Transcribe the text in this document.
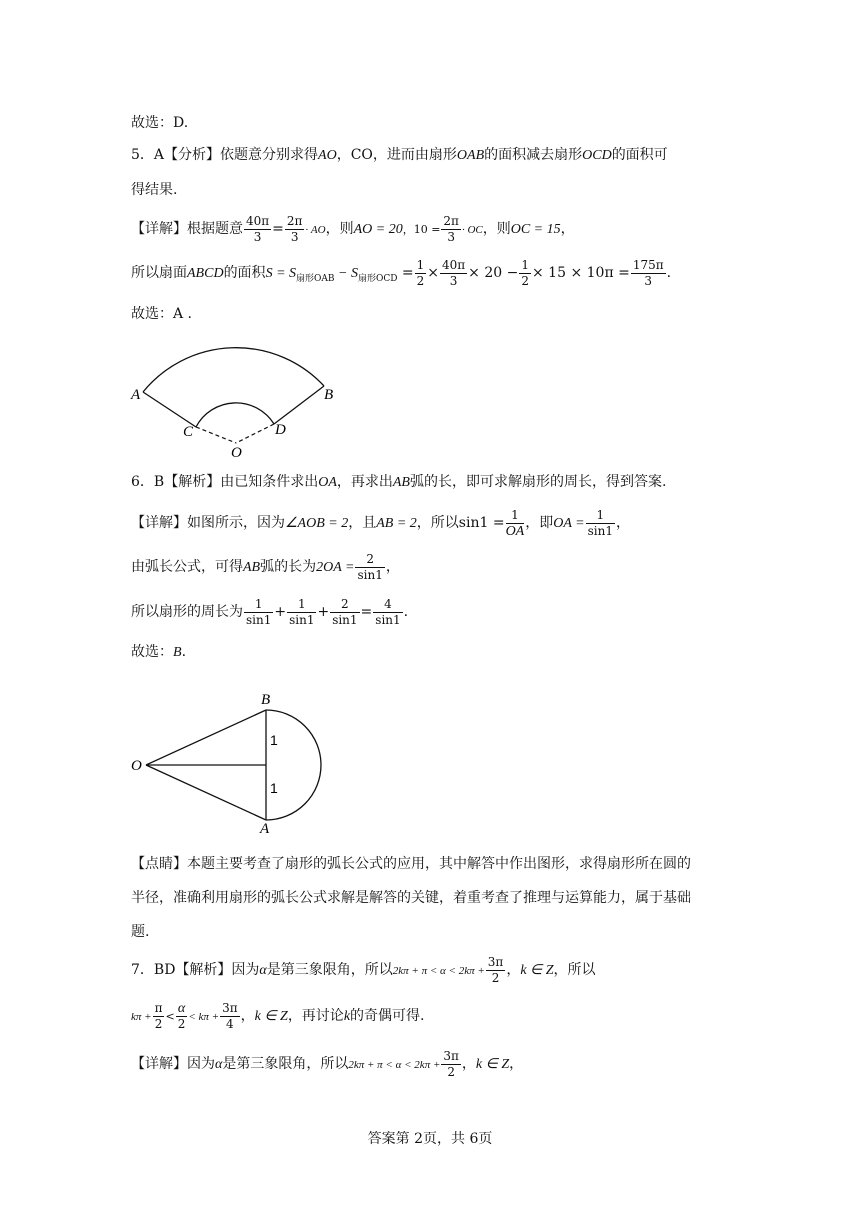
故选：D.
5．A【分析】依题意分别求得AO，CO，进而由扇形OAB的面积减去扇形OCD的面积可
得结果.
【详解】根据题意 $\frac{40\pi}{3} = \frac{2\pi}{3}$ · AO，则AO = 20，$10 = \frac{2\pi}{3}$ · OC，则OC = 15，
所以扇面ABCD的面积$S = S_{扇形OAB} - S_{扇形OCD} = \frac{1}{2} \times \frac{40\pi}{3} \times 20 - \frac{1}{2} \times 15 \times 10\pi = \frac{175\pi}{3}$ .
故选：A .
A	B
C	D
O
6．B【解析】由已知条件求出OA，再求出AB弧的长，即可求解扇形的周长，得到答案.
【详解】如图所示，因为∠AOB = 2，且AB = 2，所以$\sin 1 = \frac{1}{OA}$，即OA = $\frac{1}{\sin 1}$ ，
由弧长公式，可得AB弧的长为$2OA = \frac{2}{\sin 1}$ ，
所以扇形的周长为 $\frac{1}{\sin 1} + \frac{1}{\sin 1} + \frac{2}{\sin 1} = \frac{4}{\sin 1}$ .
故选：B.
B
O
A
1
1
【点睛】本题主要考查了扇形的弧长公式的应用，其中解答中作出图形，求得扇形所在圆的
半径，准确利用扇形的弧长公式求解是解答的关键，着重考查了推理与运算能力，属于基础
题.
7．BD【解析】因为α是第三象限角，所以$2k\pi + \pi < \alpha < 2k\pi + \frac{3\pi}{2}$ ，k ∈ Z，所以
$k\pi + \frac{\pi}{2} < \frac{\alpha}{2} < k\pi + \frac{3\pi}{4}$ ，k ∈ Z，再讨论k的奇偶可得.
【详解】因为α是第三象限角，所以$2k\pi + \pi < \alpha < 2k\pi + \frac{3\pi}{2}$ ，k ∈ Z，
答案第 2页，共 6页
